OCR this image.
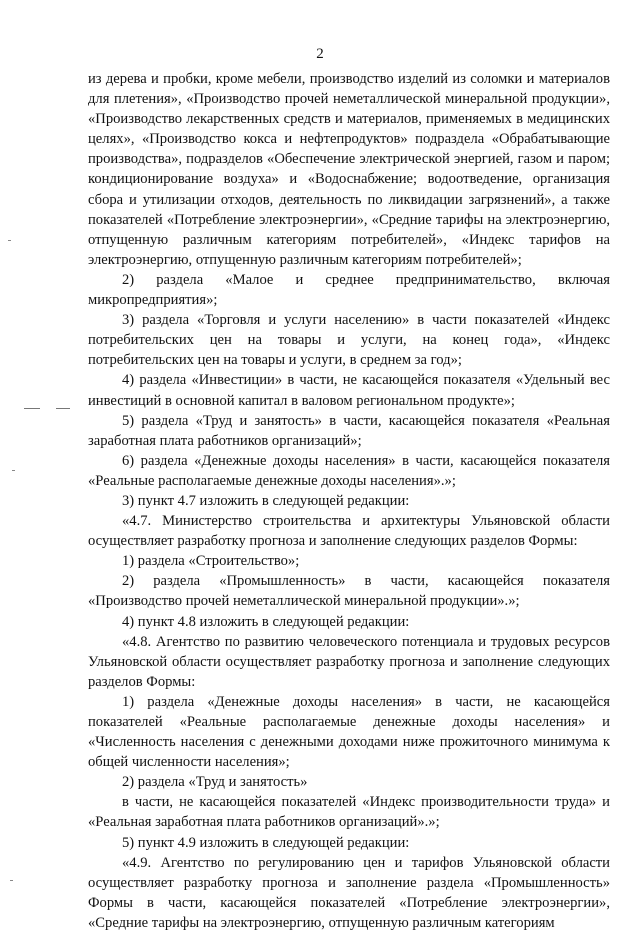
2

из дерева и пробки, кроме мебели, производство изделий из соломки и материалов для плетения», «Производство прочей неметаллической минеральной продукции», «Производство лекарственных средств и материалов, применяемых в медицинских целях», «Производство кокса и нефтепродуктов» подраздела «Обрабатывающие производства», подразделов «Обеспечение электрической энергией, газом и паром; кондиционирование воздуха» и «Водоснабжение; водоотведение, организация сбора и утилизации отходов, деятельность по ликвидации загрязнений», а также показателей «Потребление электроэнергии», «Средние тарифы на электроэнергию, отпущенную различным категориям потребителей», «Индекс тарифов на электроэнергию, отпущенную различным категориям потребителей»;

2) раздела «Малое и среднее предпринимательство, включая микропредприятия»;

3) раздела «Торговля и услуги населению» в части показателей «Индекс потребительских цен на товары и услуги, на конец года», «Индекс потребительских цен на товары и услуги, в среднем за год»;

4) раздела «Инвестиции» в части, не касающейся показателя «Удельный вес инвестиций в основной капитал в валовом региональном продукте»;

5) раздела «Труд и занятость» в части, касающейся показателя «Реальная заработная плата работников организаций»;

6) раздела «Денежные доходы населения» в части, касающейся показателя «Реальные располагаемые денежные доходы населения».»;

3) пункт 4.7 изложить в следующей редакции:

«4.7. Министерство строительства и архитектуры Ульяновской области осуществляет разработку прогноза и заполнение следующих разделов Формы:

1) раздела «Строительство»;

2) раздела «Промышленность» в части, касающейся показателя «Производство прочей неметаллической минеральной продукции».»;

4) пункт 4.8 изложить в следующей редакции:

«4.8. Агентство по развитию человеческого потенциала и трудовых ресурсов Ульяновской области осуществляет разработку прогноза и заполнение следующих разделов Формы:

1) раздела «Денежные доходы населения» в части, не касающейся показателей «Реальные располагаемые денежные доходы населения» и «Численность населения с денежными доходами ниже прожиточного минимума к общей численности населения»;

2) раздела «Труд и занятость»

в части, не касающейся показателей «Индекс производительности труда» и «Реальная заработная плата работников организаций».»;

5) пункт 4.9 изложить в следующей редакции:

«4.9. Агентство по регулированию цен и тарифов Ульяновской области осуществляет разработку прогноза и заполнение раздела «Промышленность» Формы в части, касающейся показателей «Потребление электроэнергии», «Средние тарифы на электроэнергию, отпущенную различным категориям
